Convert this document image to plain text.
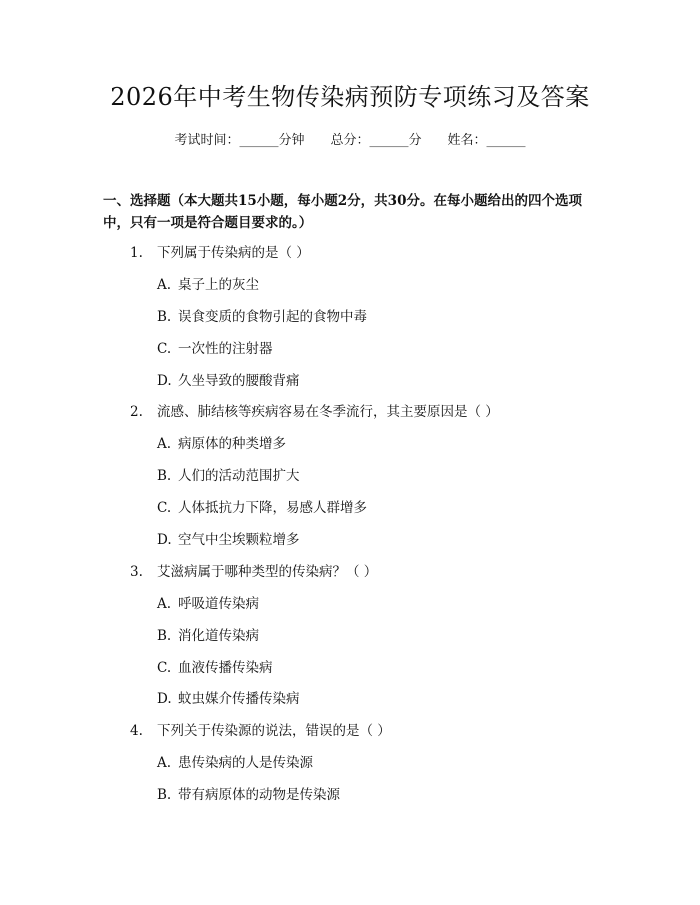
2026年中考生物传染病预防专项练习及答案
考试时间：______分钟 总分：______分 姓名：______
一、选择题（本大题共15小题，每小题2分，共30分。在每小题给出的四个选项中，只有一项是符合题目要求的。）
1. 下列属于传染病的是（ ）
A. 桌子上的灰尘
B. 误食变质的食物引起的食物中毒
C. 一次性的注射器
D. 久坐导致的腰酸背痛
2. 流感、肺结核等疾病容易在冬季流行，其主要原因是（ ）
A. 病原体的种类增多
B. 人们的活动范围扩大
C. 人体抵抗力下降，易感人群增多
D. 空气中尘埃颗粒增多
3. 艾滋病属于哪种类型的传染病？（ ）
A. 呼吸道传染病
B. 消化道传染病
C. 血液传播传染病
D. 蚊虫媒介传播传染病
4. 下列关于传染源的说法，错误的是（ ）
A. 患传染病的人是传染源
B. 带有病原体的动物是传染源
